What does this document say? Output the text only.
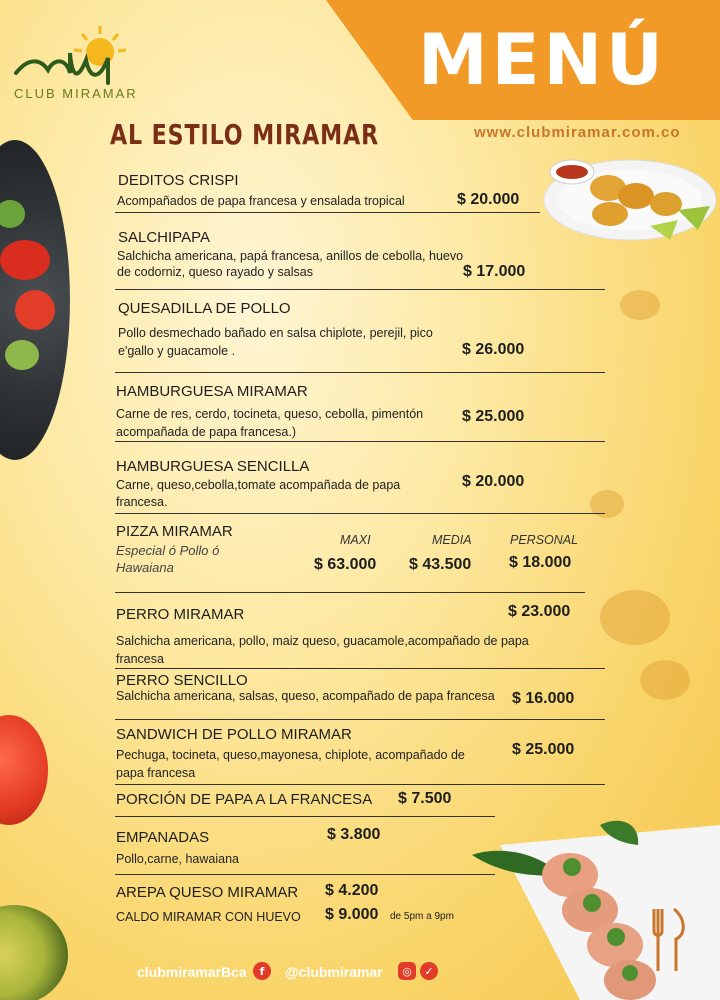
MENÚ
CLUB MIRAMAR
AL ESTILO MIRAMAR	www.clubmiramar.com.co
DEDITOS CRISPI
Acompañados de papa francesa y ensalada tropical	$ 20.000
SALCHIPAPA
Salchicha americana, papá francesa, anillos de cebolla, huevo de codorniz, queso rayado y salsas	$ 17.000
QUESADILLA DE POLLO
Pollo desmechado bañado en salsa chiplote, perejil, pico e'gallo y guacamole .	$ 26.000
HAMBURGUESA MIRAMAR
Carne de res, cerdo, tocineta, queso, cebolla, pimentón acompañada de papa francesa.)
$ 25.000
HAMBURGUESA SENCILLA
Carne, queso,cebolla,tomate acompañada de papa francesa.
$ 20.000
PIZZA MIRAMAR
Especial ó Pollo ó Hawaiana
MAXI	MEDIA	PERSONAL
$ 63.000 $ 43.500 $ 18.000
PERRO MIRAMAR	$ 23.000
Salchicha americana, pollo, maiz queso, guacamole,acompañado de papa francesa
PERRO SENCILLO
Salchicha americana, salsas, queso, acompañado de papa francesa $ 16.000
SANDWICH DE POLLO MIRAMAR
Pechuga, tocineta, queso,mayonesa, chiplote, acompañado de papa francesa
$ 25.000
PORCIÓN DE PAPA A LA FRANCESA $ 7.500
EMPANADAS	$ 3.800
Pollo,carne, hawaiana
AREPA QUESO MIRAMAR $ 4.200
CALDO MIRAMAR CON HUEVO $ 9.000 de 5pm a 9pm
clubmiramarBca	f	@clubmiramar	◎	✓
